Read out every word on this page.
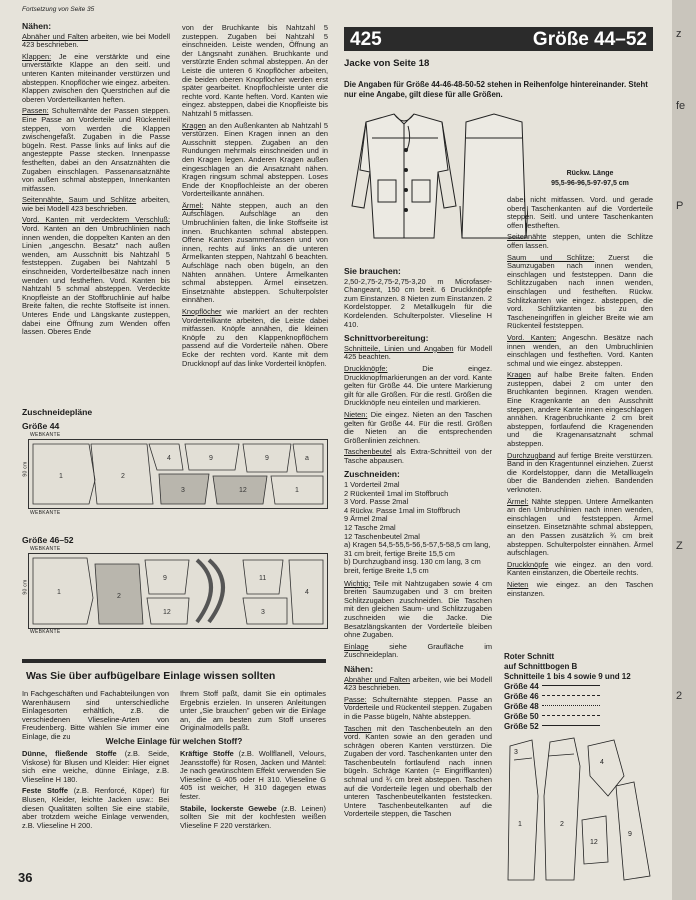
z
fe
P
Z
2
Fortsetzung von Seite 35
Nähen:

Abnäher und Falten arbeiten, wie bei Modell 423 beschrieben.

Klappen: Je eine verstärkte und eine unverstärkte Klappe an den seitl. und unteren Kanten miteinander verstürzen und absteppen. Knopflöcher wie eingez. arbeiten. Klappen zwischen den Querstrichen auf die oberen Vorderteilkanten heften.

Passen: Schulternähte der Passen steppen. Eine Passe an Vorderteile und Rückenteil steppen, vorn werden die Klappen zwischengefaßt. Zugaben in die Passe bügeln. Rest. Passe links auf links auf die angesteppte Passe stecken. Innenpasse festheften, dabei an den Ansatznähten die Zugaben einschlagen. Passenansatznähte von außen schmal absteppen, Innenkanten mitfassen.

Seitennähte, Saum und Schlitze arbeiten, wie bei Modell 423 beschrieben.

Vord. Kanten mit verdecktem Verschluß: Vord. Kanten an den Umbruchlinien nach innen wenden, die doppelten Kanten an den Linien „angeschn. Besatz" nach außen wenden, am Ausschnitt bis Nahtzahl 5 feststeppen. Zugaben bei Nahtzahl 5 einschneiden, Vorderteilbesätze nach innen wenden und festheften. Vord. Kanten bis Nahtzahl 5 schmal absteppen. Verdeckte Knopfleiste an der Stoffbruchlinie auf halbe Breite falten, die rechte Stoffseite ist innen. Unteres Ende und Längskante zusteppen, dabei eine Öffnung zum Wenden offen lassen. Oberes Ende

von der Bruchkante bis Nahtzahl 5 zusteppen. Zugaben bei Nahtzahl 5 einschneiden. Leiste wenden, Öffnung an der Längsnaht zunähen. Bruchkante und verstürzte Enden schmal absteppen. An der Leiste die unteren 6 Knopflöcher arbeiten, die beiden oberen Knopflöcher werden erst später gearbeitet. Knopflochleiste unter die rechte vord. Kante heften. Vord. Kanten wie eingez. absteppen, dabei die Knopfleiste bis Nahtzahl 5 mitfassen.

Kragen an den Außenkanten ab Nahtzahl 5 verstürzen. Einen Kragen innen an den Ausschnitt steppen. Zugaben an den Rundungen mehrmals einschneiden und in den Kragen legen. Anderen Kragen außen eingeschlagen an die Ansatznaht nähen. Kragen ringsum schmal absteppen. Loses Ende der Knopflochleiste an der oberen Vorderteilkante annähen.

Ärmel: Nähte steppen, auch an den Aufschlägen. Aufschläge an den Umbruchlinien falten, die linke Stoffseite ist innen. Bruchkanten schmal absteppen. Offene Kanten zusammenfassen und von innen, rechts auf links an die unteren Ärmelkanten steppen, Nahtzahl 6 beachten. Aufschläge nach oben bügeln, an den Nähten annähen. Untere Ärmelkanten schmal absteppen. Ärmel einsetzen. Einsetznähte absteppen. Schulterpolster einnähen.

Knopflöcher wie markiert an der rechten Vorderteilkante arbeiten, die Leiste dabei mitfassen. Knöpfe annähen, die kleinen Knöpfe zu den Klappenknopflöchern passend auf die Vorderteile nähen. Obere Ecke der rechten vord. Kante mit dem Druckknopf auf das linke Vorderteil knöpfen.

Zuschneidepläne
Größe 44
WEBKANTE
1	2
4	9
3	12
9
1
a
90 cm
WEBKANTE
Größe 46–52
WEBKANTE
1
2
9
12
11
3
4
90 cm
WEBKANTE
Was Sie über aufbügelbare Einlage wissen sollten

In Fachgeschäften und Fachabteilungen von Warenhäusern sind unterschiedliche Einlagesorten erhältlich, z.B. die verschiedenen Vlieseline-Arten von Freudenberg. Bitte wählen Sie immer eine Einlage, die zu

Ihrem Stoff paßt, damit Sie ein optimales Ergebnis erzielen. In unseren Anleitungen unter „Sie brauchen" geben wir die Einlage an, die am besten zum Stoff unseres Originalmodells paßt.

Welche Einlage für welchen Stoff?

Dünne, fließende Stoffe (z.B. Seide, Viskose) für Blusen und Kleider: Hier eignet sich eine weiche, dünne Einlage, z.B. Vlieseline H 180.

Feste Stoffe (z.B. Renforcé, Köper) für Blusen, Kleider, leichte Jacken usw.: Bei diesen Qualitäten sollten Sie eine stabile, aber trotzdem weiche Einlage verwenden, z.B. Vlieseline H 200.

Kräftige Stoffe (z.B. Wollflanell, Velours, Jeansstoffe) für Rosen, Jacken und Mäntel: Je nach gewünschtem Effekt verwenden Sie Vlieseline G 405 oder H 310. Vlieseline G 405 ist weicher, H 310 dagegen etwas fester.

Stabile, lockerste Gewebe (z.B. Leinen) sollten Sie mit der kochfesten weißen Vlieseline F 220 verstärken.

36
425	Größe 44–52
Jacke von Seite 18
Die Angaben für Größe 44-46-48-50-52 stehen in Reihenfolge hintereinander. Steht nur eine Angabe, gilt diese für alle Größen.
Rückw. Länge
95,5-96-96,5-97-97,5 cm
Sie brauchen:

2,50-2,75-2,75-2,75-3,20 m Microfaser-Changeant, 150 cm breit. 6 Druckknöpfe zum Einstanzen. 8 Nieten zum Einstanzen. 2 Kordelstopper. 2 Metallkugeln für die Kordelenden. Schulterpolster. Vlieseline H 410.

Schnittvorbereitung:

Schnitteile, Linien und Angaben für Modell 425 beachten.

Druckknöpfe: Die eingez. Druckknopfmarkierungen an der vord. Kante gelten für Größe 44. Die untere Markierung gilt für alle Größen. Für die restl. Größen die Druckknöpfe neu einteilen und markieren.

Nieten: Die eingez. Nieten an den Taschen gelten für Größe 44. Für die restl. Größen die Nieten an die entsprechenden Größenlinien zeichnen.

Taschenbeutel als Extra-Schnitteil von der Tasche abpausen.

Zuschneiden:
1 Vorderteil 2mal
2 Rückenteil 1mal im Stoffbruch
3 Vord. Passe 2mal
4 Rückw. Passe 1mal im Stoffbruch
9 Ärmel 2mal
12 Tasche 2mal
12 Taschenbeutel 2mal
a) Kragen 54,5-55,5-56,5-57,5-58,5 cm lang, 31 cm breit, fertige Breite 15,5 cm
b) Durchzugband insg. 130 cm lang, 3 cm breit, fertige Breite 1,5 cm

Wichtig: Teile mit Nahtzugaben sowie 4 cm breiten Saumzugaben und 3 cm breiten Schlitzzugaben zuschneiden. Die Taschen mit den gleichen Saum- und Schlitzzugaben zuschneiden wie die Jacke. Die Besatzlängskanten der Vorderteile bleiben ohne Zugaben.

Einlage siehe Graufläche im Zuschneideplan.

Nähen:

Abnäher und Falten arbeiten, wie bei Modell 423 beschrieben.

Passe: Schulternähte steppen. Passe an Vorderteile und Rückenteil steppen. Zugaben in die Passe bügeln, Nähte absteppen.

Taschen mit den Taschenbeuteln an den vord. Kanten sowie an den geraden und schrägen oberen Kanten verstürzen. Die Zugaben der vord. Taschenkanten unter den Taschenbeuteln fortlaufend nach innen bügeln. Schräge Kanten (= Eingriffkanten) schmal und ¾ cm breit absteppen. Taschen auf die Vorderteile legen und oberhalb der unteren Taschenbeutelkanten feststecken. Untere Taschenbeutelkanten auf die Vorderteile steppen, die Taschen

dabei nicht mitfassen. Vord. und gerade obere Taschenkanten auf die Vorderteile steppen. Seitl. und untere Taschenkanten offen festheften.

Seitennähte steppen, unten die Schlitze offen lassen.

Saum und Schlitze: Zuerst die Saumzugaben nach innen wenden, einschlagen und feststeppen. Dann die Schlitzzugaben nach innen wenden, einschlagen und festheften. Rückw. Schlitzkanten wie eingez. absteppen, die vord. Schlitzkanten bis zu den Tascheneingriffen in gleicher Breite wie am Rückenteil feststeppen.

Vord. Kanten: Angeschn. Besätze nach innen wenden, an den Umbruchlinien einschlagen und festheften. Vord. Kanten schmal und wie eingez. absteppen.

Kragen auf halbe Breite falten. Enden zusteppen, dabei 2 cm unter den Bruchkanten beginnen. Kragen wenden. Eine Kragenkante an den Ausschnitt steppen, andere Kante innen eingeschlagen annähen. Kragenbruchkante 2 cm breit absteppen, fortlaufend die Kragenenden und die Kragenansatznaht schmal absteppen.

Durchzugband auf fertige Breite verstürzen. Band in den Kragentunnel einziehen. Zuerst die Kordelstopper, dann die Metallkugeln über die Bandenden ziehen. Bandenden verknoten.

Ärmel: Nähte steppen. Untere Ärmelkanten an den Umbruchlinien nach innen wenden, einschlagen und feststeppen. Ärmel einsetzen. Einsetznähte schmal absteppen, an den Passen zusätzlich ¾ cm breit absteppen. Schulterpolster einnähen. Ärmel aufschlagen.

Druckknöpfe wie eingez. an den vord. Kanten einstanzen, die Oberteile rechts.

Nieten wie eingez. an den Taschen einstanzen.

Roter Schnitt
auf Schnittbogen B
Schnitteile 1 bis 4 sowie 9 und 12
Größe 44	
Größe 46	
Größe 48	
Größe 50	
Größe 52	
1	2
4
9
12
3
